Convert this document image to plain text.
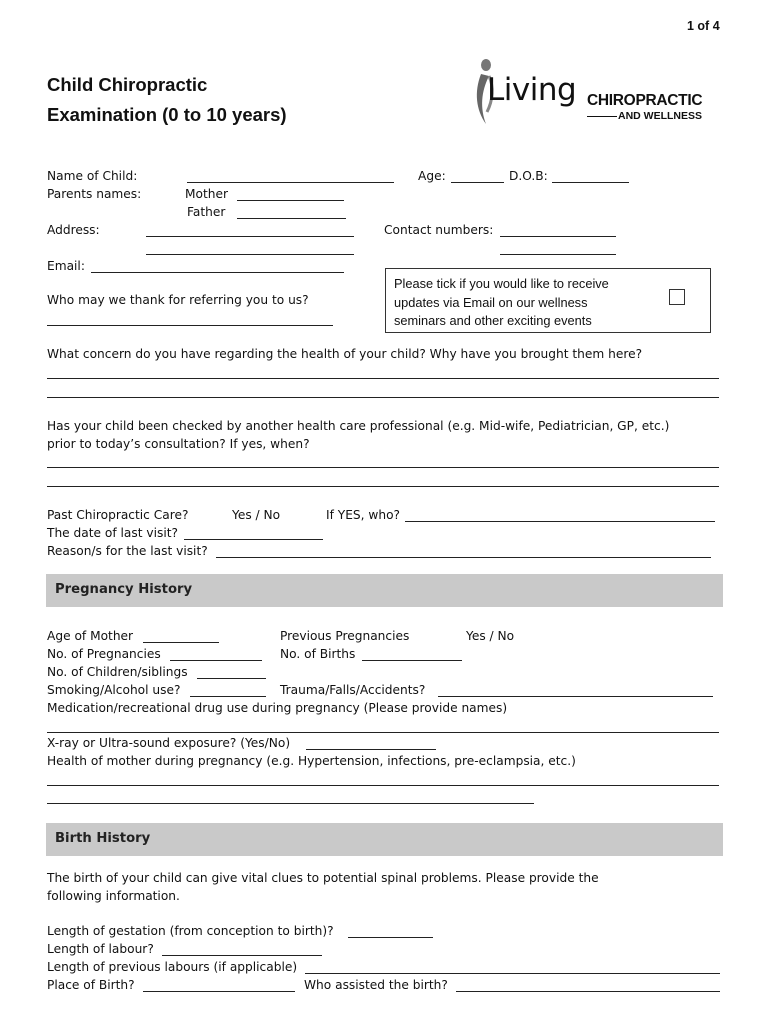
1 of 4
Child Chiropractic
Examination (0 to 10 years)
Living CHIROPRACTIC
AND WELLNESS
Name of Child:	Age:	D.O.B:
Parents names:	Mother
Father
Address:	Contact numbers:
Email:
Please tick if you would like to receive
updates via Email on our wellness
seminars and other exciting events
Who may we thank for referring you to us?
What concern do you have regarding the health of your child? Why have you brought them here?
Has your child been checked by another health care professional (e.g. Mid-wife, Pediatrician, GP, etc.)
prior to today’s consultation? If yes, when?
Past Chiropractic Care?	Yes / No	If YES, who?
The date of last visit?
Reason/s for the last visit?
Pregnancy History
Age of Mother	Previous Pregnancies	Yes / No
No. of Pregnancies	No. of Births
No. of Children/siblings
Smoking/Alcohol use?	Trauma/Falls/Accidents?
Medication/recreational drug use during pregnancy (Please provide names)
X-ray or Ultra-sound exposure? (Yes/No)
Health of mother during pregnancy (e.g. Hypertension, infections, pre-eclampsia, etc.)
Birth History
The birth of your child can give vital clues to potential spinal problems. Please provide the
following information.
Length of gestation (from conception to birth)?
Length of labour?
Length of previous labours (if applicable)
Place of Birth?	Who assisted the birth?
